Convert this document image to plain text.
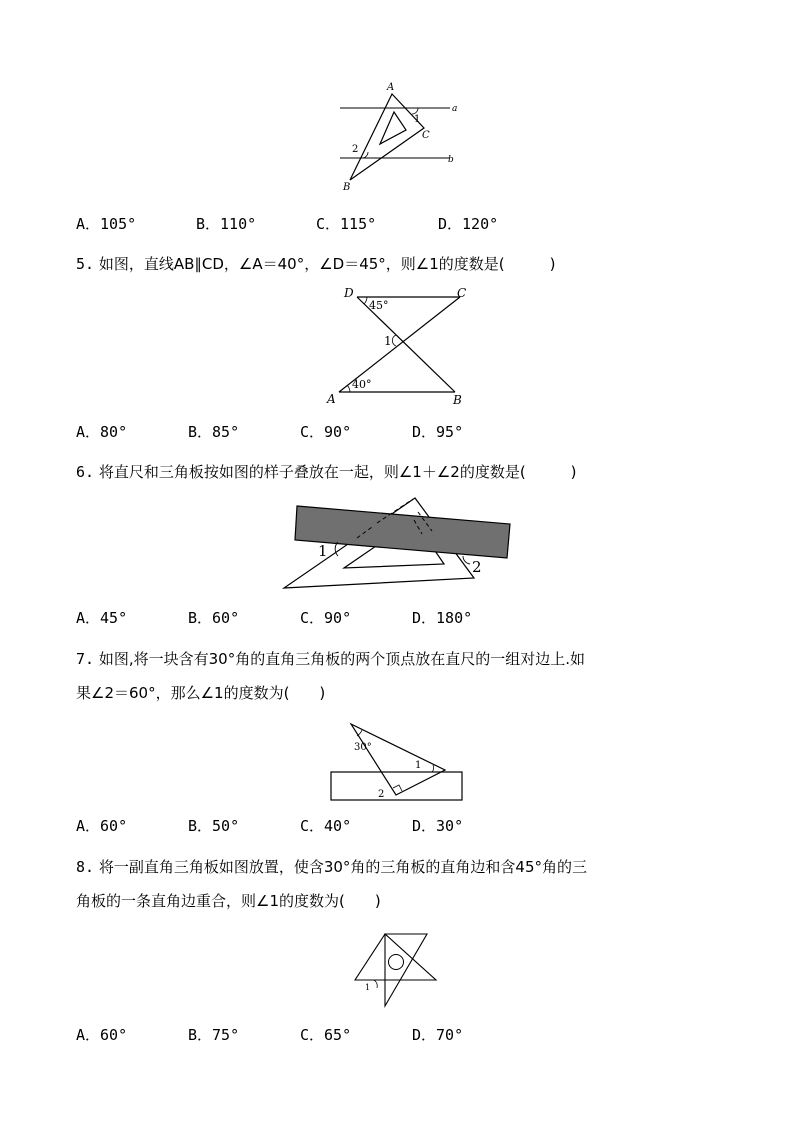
A
B
C
a
b
1
2
A．105°	B．110°	C．115°	D．120°
5. 如图，直线AB∥CD，∠A＝40°，∠D＝45°，则∠1的度数是(　　　)
D	C
A	B
45°
40°
1
A．80°	B．85°	C．90°	D．95°
6. 将直尺和三角板按如图的样子叠放在一起，则∠1＋∠2的度数是(　　　)
1
2
A．45°	B．60°	C．90°	D．180°
7. 如图,将一块含有30°角的直角三角板的两个顶点放在直尺的一组对边上.如
果∠2＝60°，那么∠1的度数为(　　)
30°
1
2
A．60°	B．50°	C．40°	D．30°
8. 将一副直角三角板如图放置，使含30°角的三角板的直角边和含45°角的三
角板的一条直角边重合，则∠1的度数为(　　)
1
A．60°	B．75°	C．65°	D．70°
